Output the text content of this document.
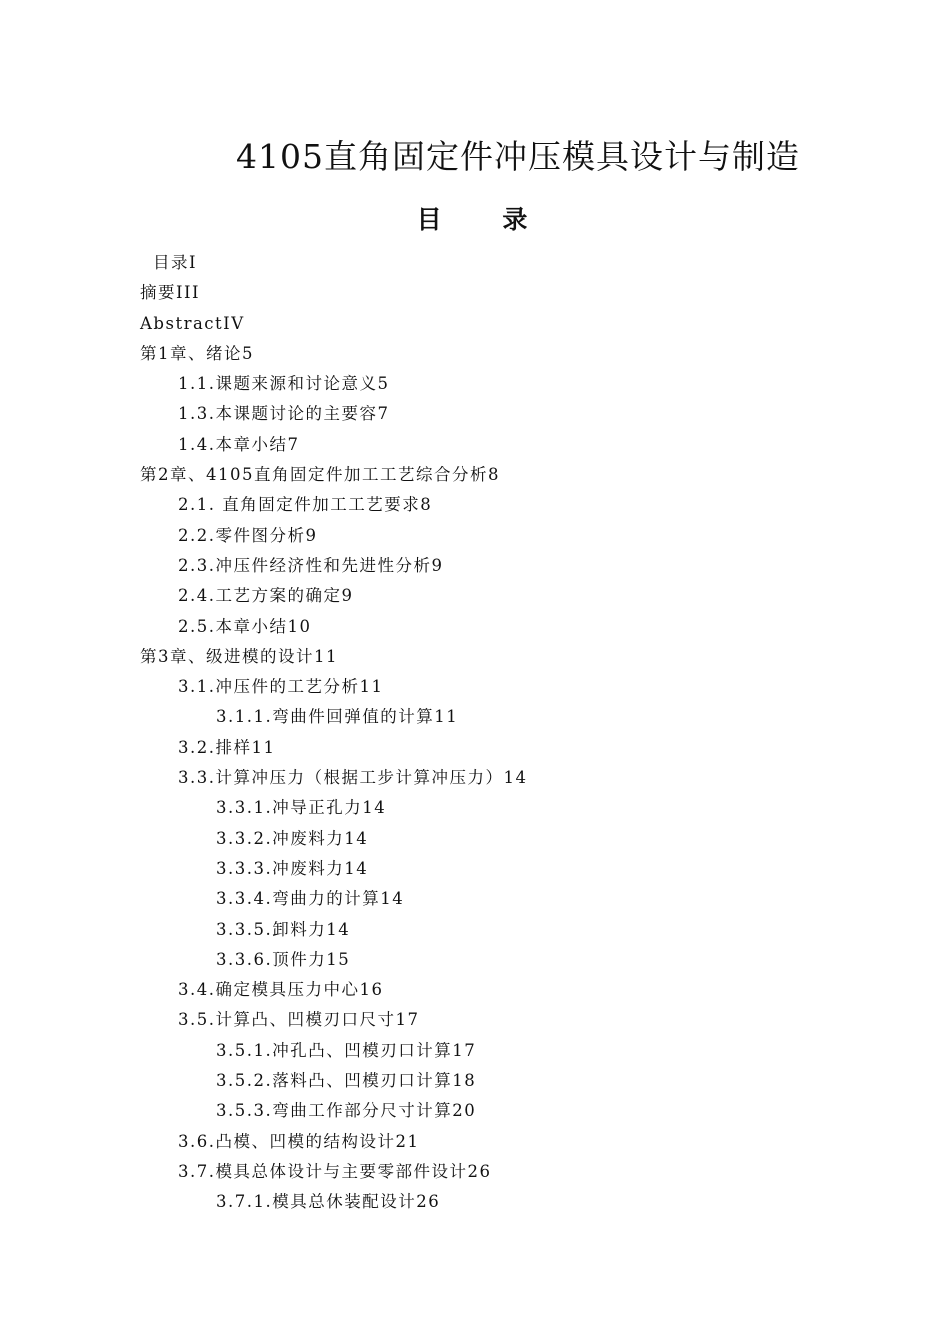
4105直角固定件冲压模具设计与制造
目 录
目录I
摘要III
AbstractIV
第1章、绪论5
1.1.课题来源和讨论意义5
1.3.本课题讨论的主要容7
1.4.本章小结7
第2章、4105直角固定件加工工艺综合分析8
2.1. 直角固定件加工工艺要求8
2.2.零件图分析9
2.3.冲压件经济性和先进性分析9
2.4.工艺方案的确定9
2.5.本章小结10
第3章、级进模的设计11
3.1.冲压件的工艺分析11
3.1.1.弯曲件回弹值的计算11
3.2.排样11
3.3.计算冲压力（根据工步计算冲压力）14
3.3.1.冲导正孔力14
3.3.2.冲废料力14
3.3.3.冲废料力14
3.3.4.弯曲力的计算14
3.3.5.卸料力14
3.3.6.顶件力15
3.4.确定模具压力中心16
3.5.计算凸、凹模刃口尺寸17
3.5.1.冲孔凸、凹模刃口计算17
3.5.2.落料凸、凹模刃口计算18
3.5.3.弯曲工作部分尺寸计算20
3.6.凸模、凹模的结构设计21
3.7.模具总体设计与主要零部件设计26
3.7.1.模具总休装配设计26
